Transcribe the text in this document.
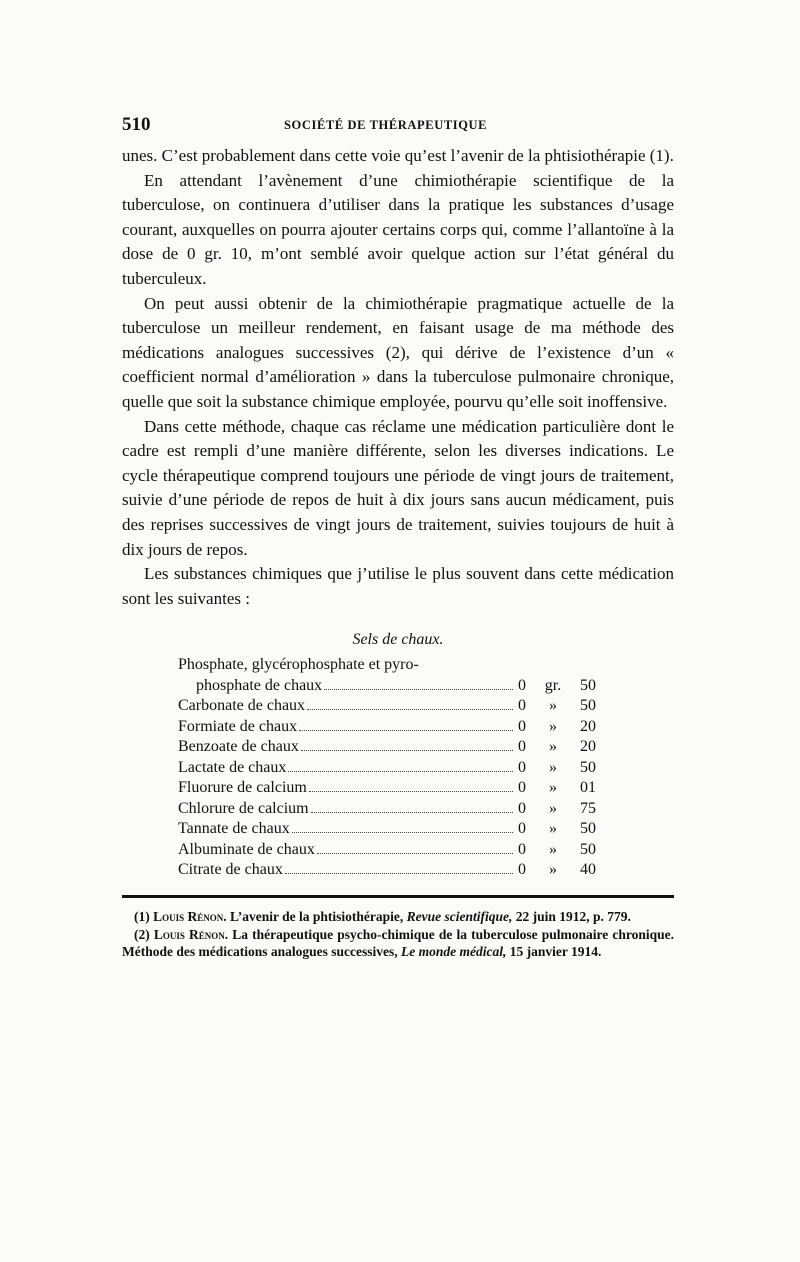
510	SOCIÉTÉ DE THÉRAPEUTIQUE

unes. C’est probablement dans cette voie qu’est l’avenir de la phtisiothérapie (1).

En attendant l’avènement d’une chimiothérapie scientifique de la tuberculose, on continuera d’utiliser dans la pratique les substances d’usage courant, auxquelles on pourra ajouter certains corps qui, comme l’allantoïne à la dose de 0 gr. 10, m’ont semblé avoir quelque action sur l’état général du tuberculeux.

On peut aussi obtenir de la chimiothérapie pragmatique actuelle de la tuberculose un meilleur rendement, en faisant usage de ma méthode des médications analogues successives (2), qui dérive de l’existence d’un « coefficient normal d’amélioration » dans la tuberculose pulmonaire chronique, quelle que soit la substance chimique employée, pourvu qu’elle soit inoffensive.

Dans cette méthode, chaque cas réclame une médication particulière dont le cadre est rempli d’une manière différente, selon les diverses indications. Le cycle thérapeutique comprend toujours une période de vingt jours de traitement, suivie d’une période de repos de huit à dix jours sans aucun médicament, puis des reprises successives de vingt jours de traitement, suivies toujours de huit à dix jours de repos.

Les substances chimiques que j’utilise le plus souvent dans cette médication sont les suivantes :

Sels de chaux.
Phosphate, glycérophosphate et pyro-
phosphate de chaux	0	gr.	50
Carbonate de chaux	0	»	50
Formiate de chaux	0	»	20
Benzoate de chaux	0	»	20
Lactate de chaux	0	»	50
Fluorure de calcium	0	»	01
Chlorure de calcium	0	»	75
Tannate de chaux	0	»	50
Albuminate de chaux	0	»	50
Citrate de chaux	0	»	40

(1) Louis Rénon. L’avenir de la phtisiothérapie, Revue scientifique, 22 juin 1912, p. 779.

(2) Louis Rénon. La thérapeutique psycho-chimique de la tuberculose pulmonaire chronique. Méthode des médications analogues successives, Le monde médical, 15 janvier 1914.
